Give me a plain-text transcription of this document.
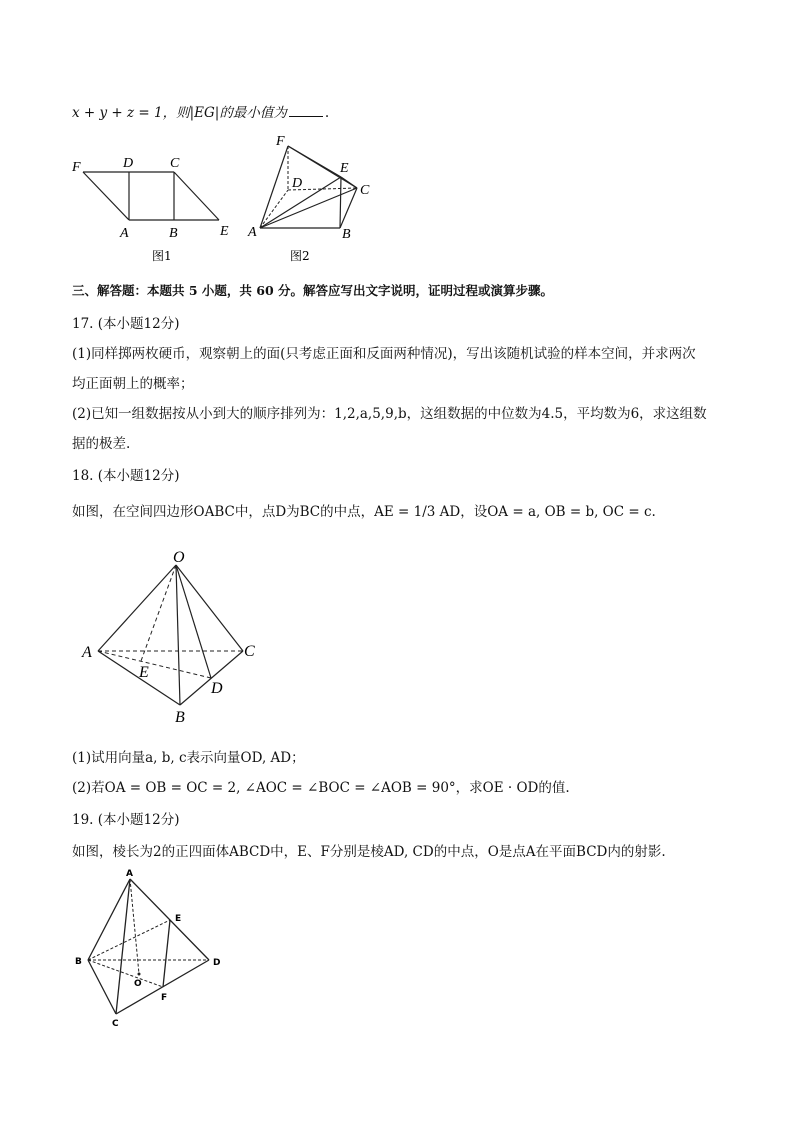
x + y + z = 1，则|EG|的最小值为	.
F	D	C
A	B	E
图1
F
E
D	C
A	B
图2
三、解答题：本题共 5 小题，共 60 分。解答应写出文字说明，证明过程或演算步骤。
17. (本小题12分)
(1)同样掷两枚硬币，观察朝上的面(只考虑正面和反面两种情况)，写出该随机试验的样本空间，并求两次
均正面朝上的概率；
(2)已知一组数据按从小到大的顺序排列为：1,2,a,5,9,b，这组数据的中位数为4.5，平均数为6，求这组数
据的极差.
18. (本小题12分)
如图，在空间四边形OABC中，点D为BC的中点，AE = 1/3 AD，设OA = a, OB = b, OC = c.
O
A	C
E
D
B
(1)试用向量a, b, c表示向量OD, AD；
(2)若OA = OB = OC = 2, ∠AOC = ∠BOC = ∠AOB = 90°，求OE · OD的值.
19. (本小题12分)
如图，棱长为2的正四面体ABCD中，E、F分别是棱AD, CD的中点，O是点A在平面BCD内的射影.
A
E
B	D
O
F
C
